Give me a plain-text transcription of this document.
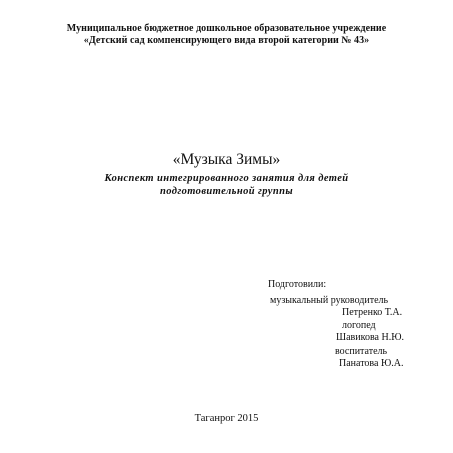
Муниципальное бюджетное дошкольное образовательное учреждение
«Детский сад компенсирующего вида второй категории № 43»
«Музыка Зимы»
Конспект интегрированного занятия для детей
подготовительной группы
Подготовили:
музыкальный руководитель
Петренко Т.А.
логопед
Шавикова Н.Ю.
воспитатель
Панатова Ю.А.
Таганрог 2015
